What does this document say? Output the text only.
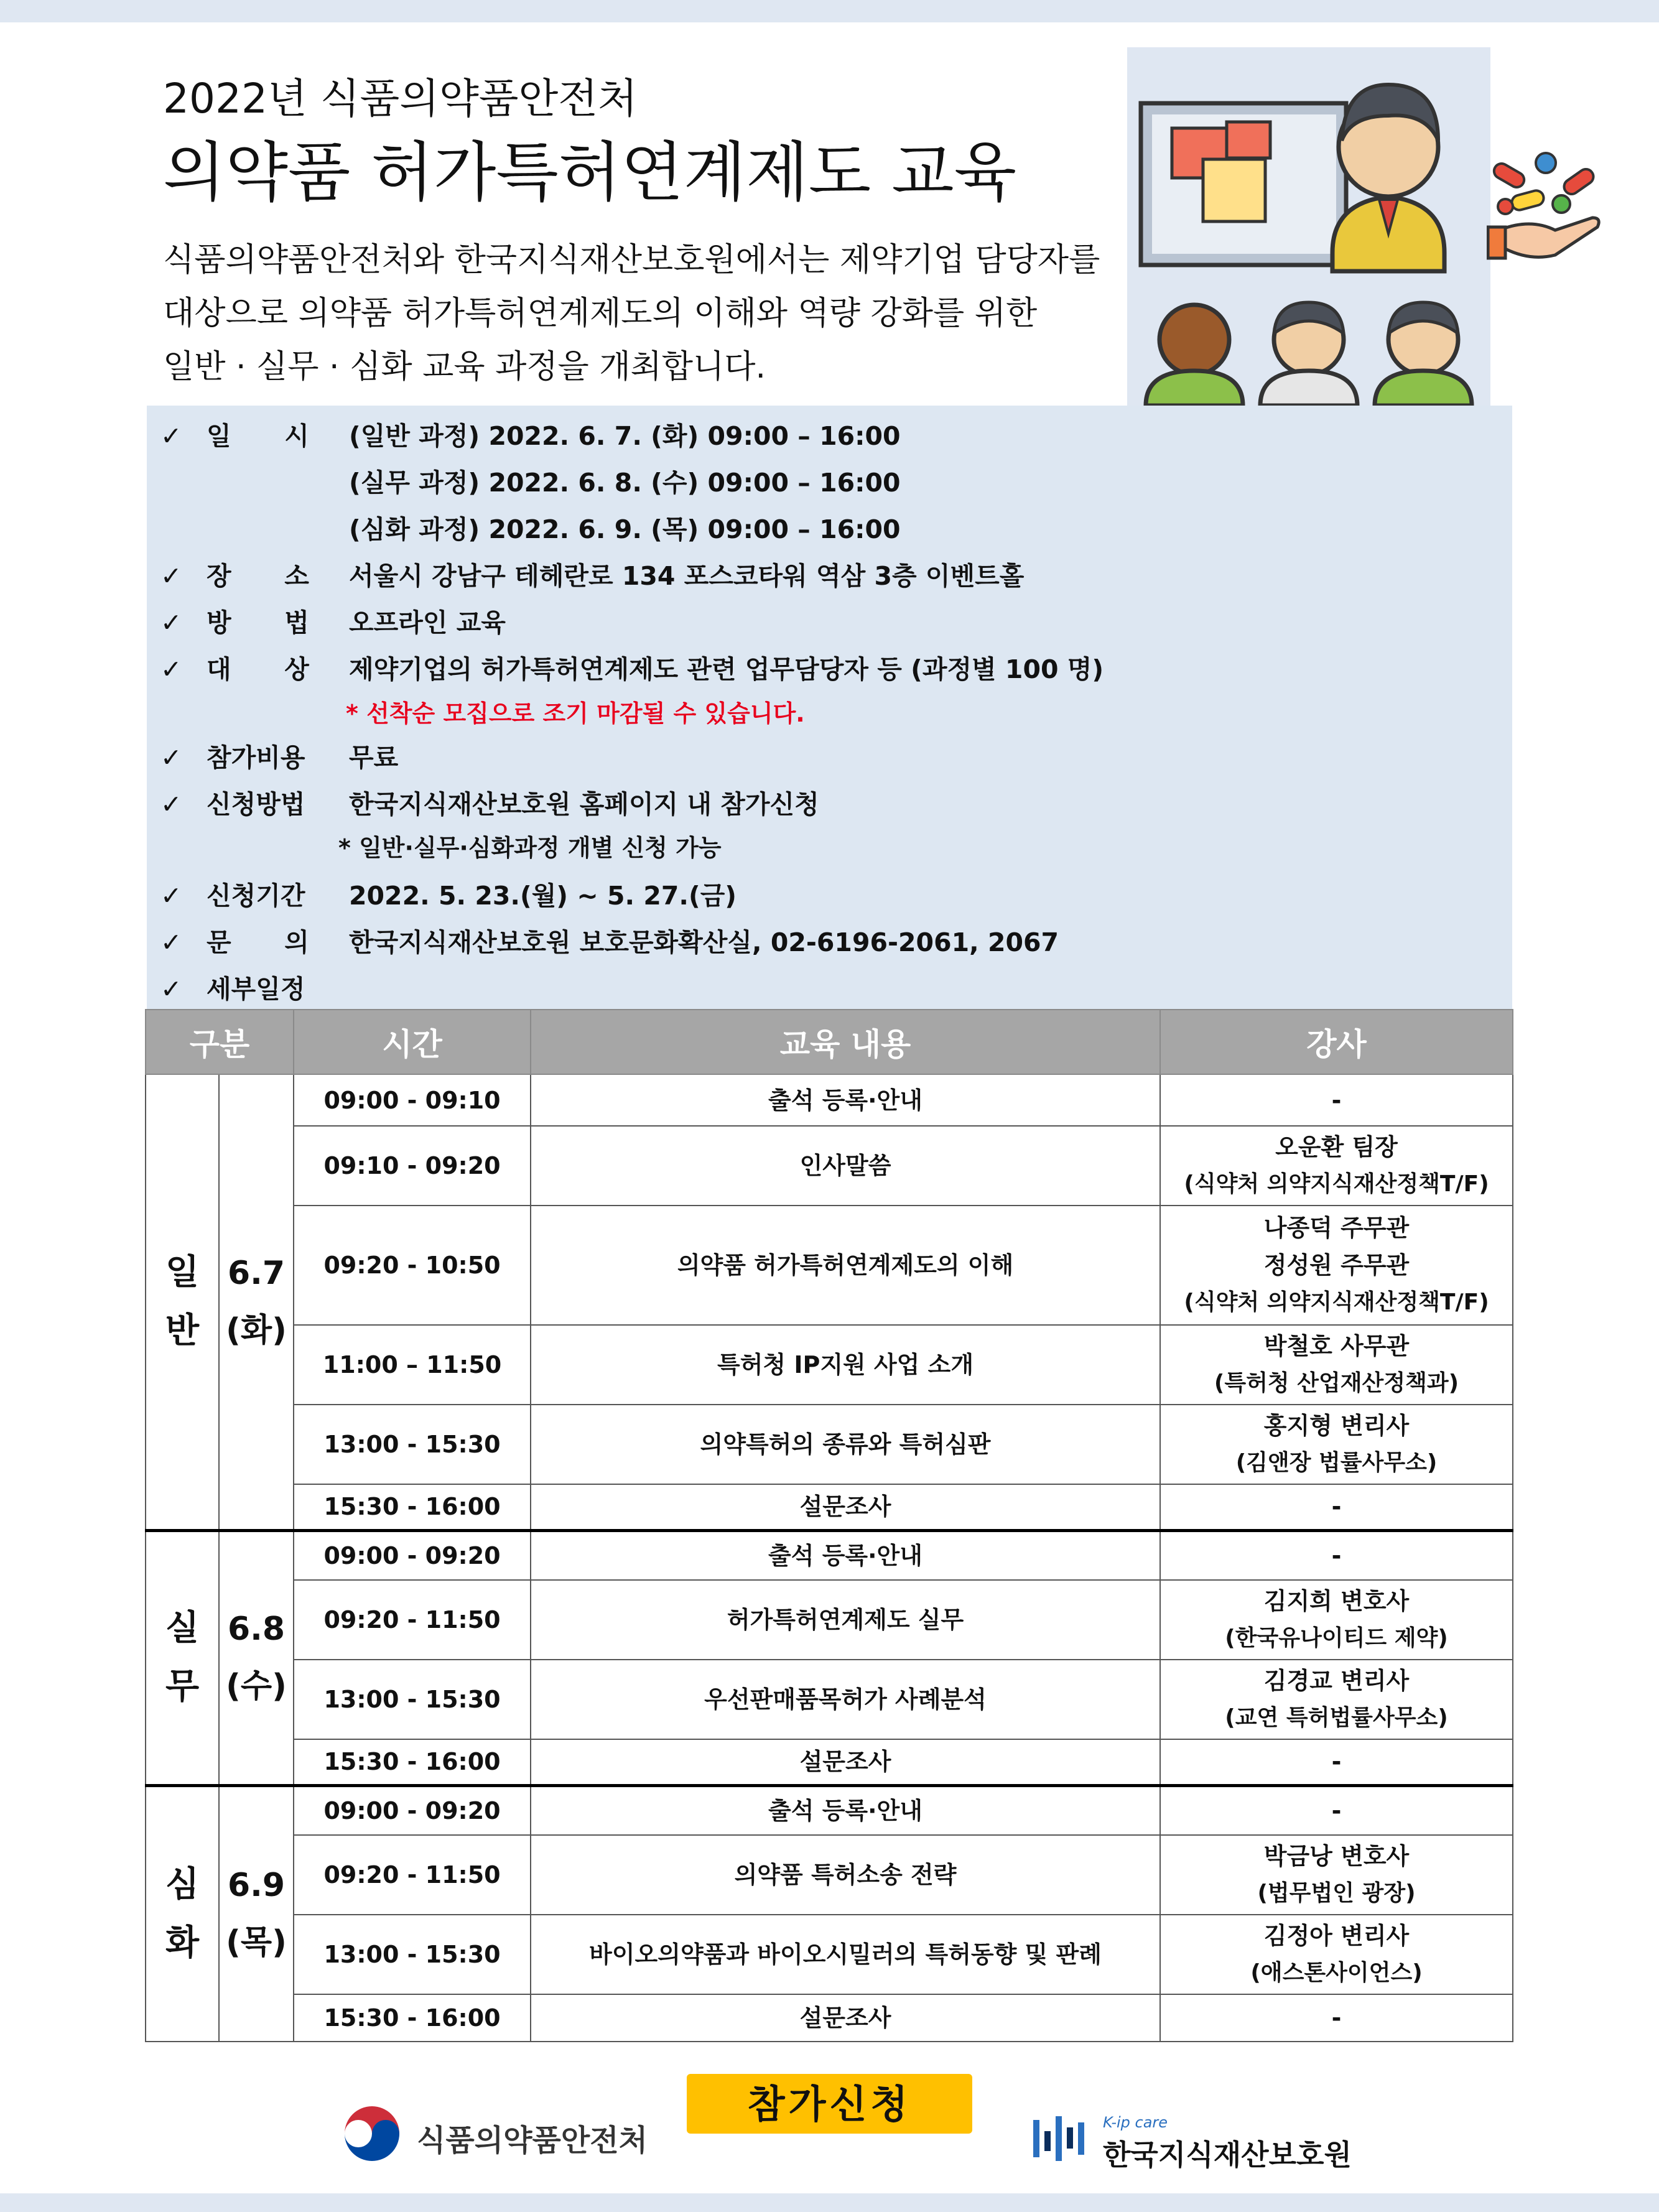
2022년 식품의약품안전처
의약품 허가특허연계제도 교육
식품의약품안전처와 한국지식재산보호원에서는 제약기업 담당자를
대상으로 의약품 허가특허연계제도의 이해와 역량 강화를 위한
일반 · 실무 · 심화 교육 과정을 개최합니다.
✓ 일      시 (일반 과정) 2022. 6. 7. (화) 09:00 – 16:00
(실무 과정) 2022. 6. 8. (수) 09:00 – 16:00
(심화 과정) 2022. 6. 9. (목) 09:00 – 16:00
✓ 장      소 서울시 강남구 테헤란로 134 포스코타워 역삼 3층 이벤트홀
✓ 방      법 오프라인 교육
✓ 대      상 제약기업의 허가특허연계제도 관련 업무담당자 등 (과정별 100 명)
* 선착순 모집으로 조기 마감될 수 있습니다.
✓ 참가비용 무료
✓ 신청방법 한국지식재산보호원 홈페이지 내 참가신청
* 일반·실무·심화과정 개별 신청 가능
✓ 신청기간 2022. 5. 23.(월) ~ 5. 27.(금)
✓ 문      의 한국지식재산보호원 보호문화확산실, 02-6196-2061, 2067
✓ 세부일정
구분		시간	교육 내용	강사
일 반	6.7 (화)	09:00 - 09:10	출석 등록·안내	-

		09:10 - 09:20	인사말씀	오운환 팀장
(식약처 의약지식재산정책T/F)

		09:20 - 10:50	의약품 허가특허연계제도의 이해	나종덕 주무관
정성원 주무관
(식약처 의약지식재산정책T/F)

		11:00 – 11:50	특허청 IP지원 사업 소개	박철호 사무관
(특허청 산업재산정책과)

		13:00 - 15:30	의약특허의 종류와 특허심판	홍지형 변리사
(김앤장 법률사무소)

		15:30 - 16:00	설문조사	-

실 무	6.8 (수)	09:00 - 09:20	출석 등록·안내	-

		09:20 - 11:50	허가특허연계제도 실무	김지희 변호사
(한국유나이티드 제약)

		13:00 - 15:30	우선판매품목허가 사례분석	김경교 변리사
(교연 특허법률사무소)

		15:30 - 16:00	설문조사	-

심 화	6.9 (목)	09:00 - 09:20	출석 등록·안내	-

		09:20 - 11:50	의약품 특허소송 전략	박금낭 변호사
(법무법인 광장)

		13:00 - 15:30	바이오의약품과 바이오시밀러의 특허동향 및 판례	김정아 변리사
(애스톤사이언스)

		15:30 - 16:00	설문조사	-
식품의약품안전처
참가신청	K-ip care
한국지식재산보호원
